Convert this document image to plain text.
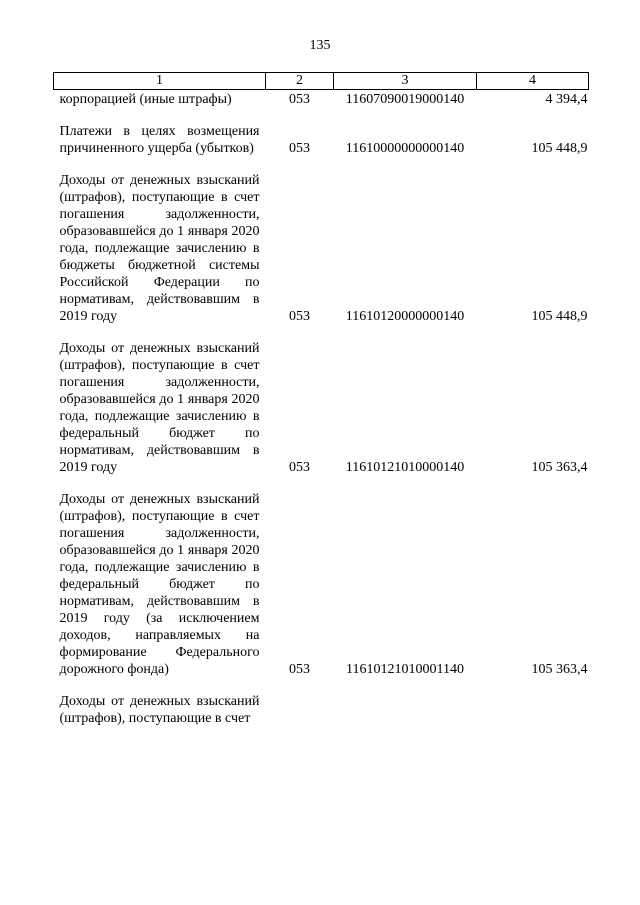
135
1	2	3	4
корпорацией (иные штрафы)	053	11607090019000140	4 394,4
Платежи в целях возмещения причиненного ущерба (убытков)	053	11610000000000140	105 448,9
Доходы от денежных взысканий (штрафов), поступающие в счет погашения задолженности, образовавшейся до 1 января 2020 года, подлежащие зачислению в бюджеты бюджетной системы Российской Федерации по нормативам, действовавшим в 2019 году	053	11610120000000140	105 448,9
Доходы от денежных взысканий (штрафов), поступающие в счет погашения задолженности, образовавшейся до 1 января 2020 года, подлежащие зачислению в федеральный бюджет по нормативам, действовавшим в 2019 году	053	11610121010000140	105 363,4
Доходы от денежных взысканий (штрафов), поступающие в счет погашения задолженности, образовавшейся до 1 января 2020 года, подлежащие зачислению в федеральный бюджет по нормативам, действовавшим в 2019 году (за исключением доходов, направляемых на формирование Федерального дорожного фонда)	053	11610121010001140	105 363,4
Доходы от денежных взысканий (штрафов), поступающие в счет			
